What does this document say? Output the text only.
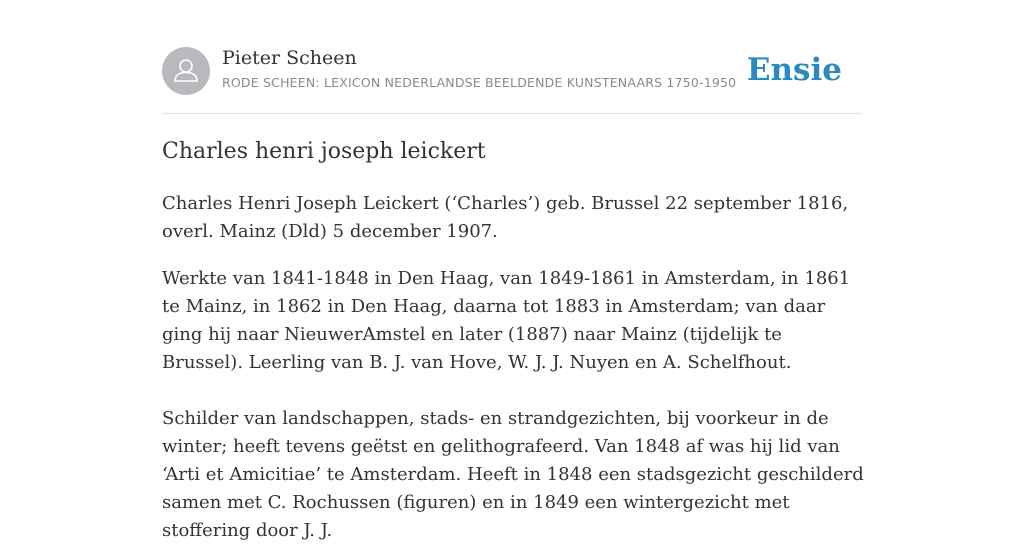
Pieter Scheen
RODE SCHEEN: LEXICON NEDERLANDSE BEELDENDE KUNSTENAARS 1750-1950 Ensie
Charles henri joseph leickert

Charles Henri Joseph Leickert (‘Charles’) geb. Brussel 22 september 1816, overl. Mainz (Dld) 5 december 1907.

Werkte van 1841-1848 in Den Haag, van 1849-1861 in Amsterdam, in 1861 te Mainz, in 1862 in Den Haag, daarna tot 1883 in Amsterdam; van daar ging hij naar NieuwerAmstel en later (1887) naar Mainz (tijdelijk te Brussel). Leerling van B. J. van Hove, W. J. J. Nuyen en A. Schelfhout.

Schilder van landschappen, stads- en strandgezichten, bij voorkeur in de winter; heeft tevens geëtst en gelithografeerd. Van 1848 af was hij lid van ‘Arti et Amicitiae’ te Amsterdam. Heeft in 1848 een stadsgezicht geschilderd samen met C. Rochussen (figuren) en in 1849 een wintergezicht met stoffering door J. J.
